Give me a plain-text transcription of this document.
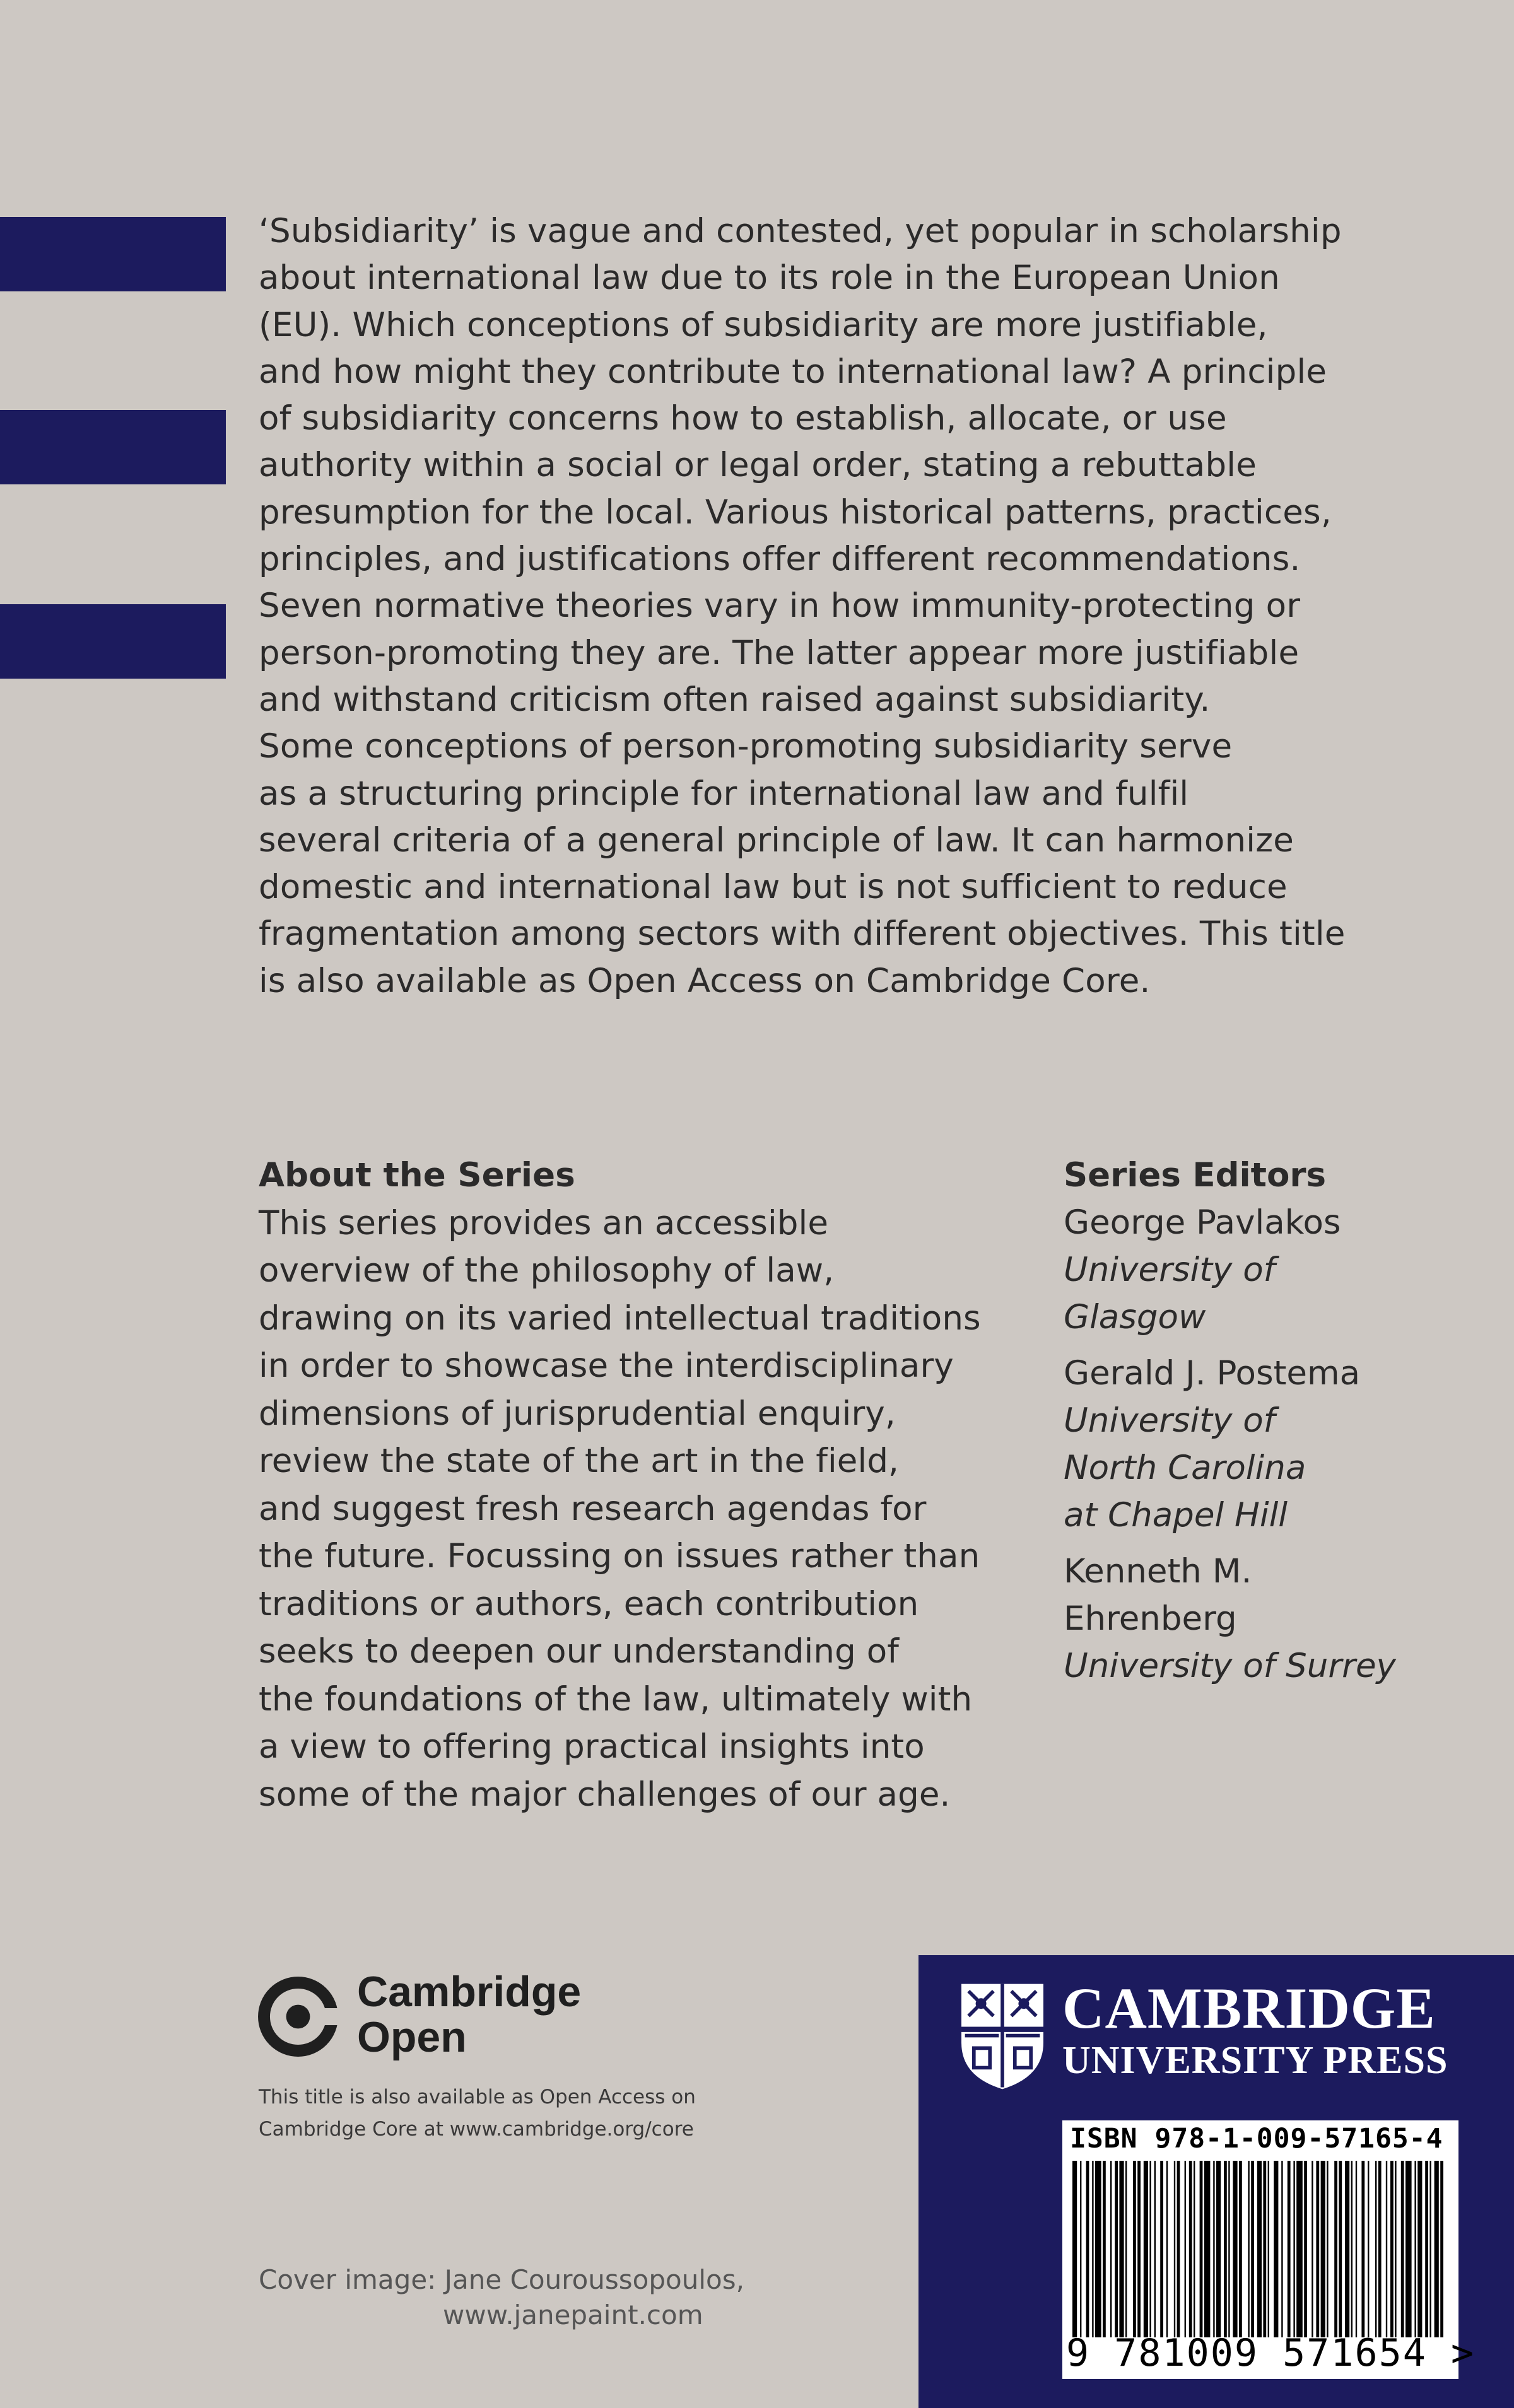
‘Subsidiarity’ is vague and contested, yet popular in scholarship
about international law due to its role in the European Union
(EU). Which conceptions of subsidiarity are more justifiable,
and how might they contribute to international law? A principle
of subsidiarity concerns how to establish, allocate, or use
authority within a social or legal order, stating a rebuttable
presumption for the local. Various historical patterns, practices,
principles, and justifications offer different recommendations.
Seven normative theories vary in how immunity-protecting or
person-promoting they are. The latter appear more justifiable
and withstand criticism often raised against subsidiarity.
Some conceptions of person-promoting subsidiarity serve
as a structuring principle for international law and fulfil
several criteria of a general principle of law. It can harmonize
domestic and international law but is not sufficient to reduce
fragmentation among sectors with different objectives. This title
is also available as Open Access on Cambridge Core.
About the Series
This series provides an accessible
overview of the philosophy of law,
drawing on its varied intellectual traditions
in order to showcase the interdisciplinary
dimensions of jurisprudential enquiry,
review the state of the art in the field,
and suggest fresh research agendas for
the future. Focussing on issues rather than
traditions or authors, each contribution
seeks to deepen our understanding of
the foundations of the law, ultimately with
a view to offering practical insights into
some of the major challenges of our age.
Series Editors
George Pavlakos
University of
Glasgow
Gerald J. Postema
University of
North Carolina
at Chapel Hill
Kenneth M.
Ehrenberg
University of Surrey
Cambridge
Open
This title is also available as Open Access on
Cambridge Core at www.cambridge.org/core
Cover image: Jane Couroussopoulos,
www.janepaint.com
CAMBRIDGE
UNIVERSITY PRESS
ISBN 978-1-009-57165-4
9 781009 571654 >
